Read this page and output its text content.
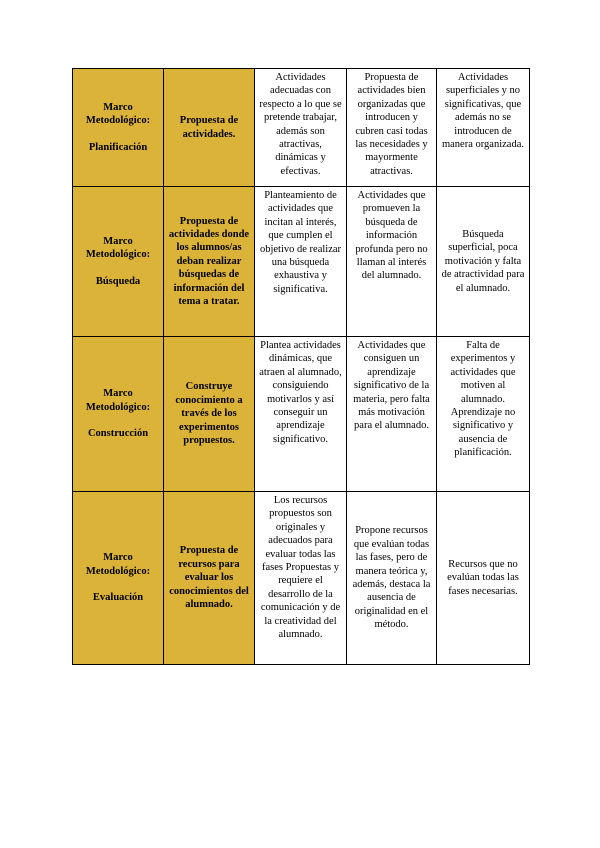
Marco Metodológico:
Planificación	Propuesta de actividades.	Actividades adecuadas con respecto a lo que se pretende trabajar, además son atractivas, dinámicas y efectivas.	Propuesta de actividades bien organizadas que introducen y cubren casi todas las necesidades y mayormente atractivas.	Actividades superficiales y no significativas, que además no se introducen de manera organizada.
Marco Metodológico:
Búsqueda	Propuesta de actividades donde los alumnos/as deban realizar búsquedas de información del tema a tratar.	Planteamiento de actividades que incitan al interés, que cumplen el objetivo de realizar una búsqueda exhaustiva y significativa.	Actividades que promueven la búsqueda de información profunda pero no llaman al interés del alumnado.	Búsqueda superficial, poca motivación y falta de atractividad para el alumnado.
Marco Metodológico:
Construcción	Construye conocimiento a través de los experimentos propuestos.	Plantea actividades dinámicas, que atraen al alumnado, consiguiendo motivarlos y así conseguir un aprendizaje significativo.	Actividades que consiguen un aprendizaje significativo de la materia, pero falta más motivación para el alumnado.	Falta de experimentos y actividades que motiven al alumnado. Aprendizaje no significativo y ausencia de planificación.
Marco Metodológico:
Evaluación	Propuesta de recursos para evaluar los conocimientos del alumnado.	Los recursos propuestos son originales y adecuados para evaluar todas las fases Propuestas y requiere el desarrollo de la comunicación y de la creatividad del alumnado.	Propone recursos que evalúan todas las fases, pero de manera teórica y, además, destaca la ausencia de originalidad en el método.	Recursos que no evalúan todas las fases necesarias.
